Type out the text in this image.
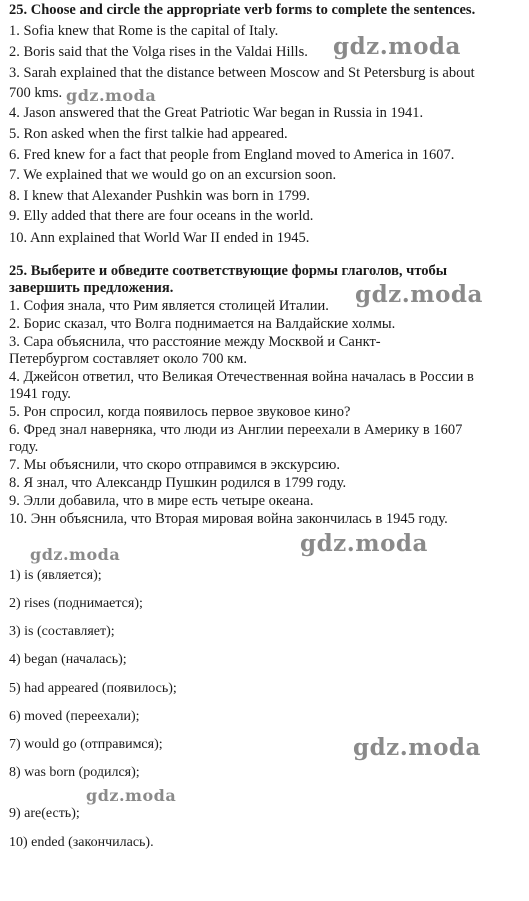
25. Choose and circle the appropriate verb forms to complete the sentences.
1. Sofia knew that Rome is the capital of Italy.
2. Boris said that the Volga rises in the Valdai Hills.
3. Sarah explained that the distance between Moscow and St Petersburg is about
700 kms.
4. Jason answered that the Great Patriotic War began in Russia in 1941.
5. Ron asked when the first talkie had appeared.
6. Fred knew for a fact that people from England moved to America in 1607.
7. We explained that we would go on an excursion soon.
8. I knew that Alexander Pushkin was born in 1799.
9. Elly added that there are four oceans in the world.
10. Ann explained that World War II ended in 1945.
25. Выберите и обведите соответствующие формы глаголов, чтобы
завершить предложения.
1. София знала, что Рим является столицей Италии.
2. Борис сказал, что Волга поднимается на Валдайские холмы.
3. Сара объяснила, что расстояние между Москвой и Санкт-
Петербургом составляет около 700 км.
4. Джейсон ответил, что Великая Отечественная война началась в России в
1941 году.
5. Рон спросил, когда появилось первое звуковое кино?
6. Фред знал наверняка, что люди из Англии переехали в Америку в 1607
году.
7. Мы объяснили, что скоро отправимся в экскурсию.
8. Я знал, что Александр Пушкин родился в 1799 году.
9. Элли добавила, что в мире есть четыре океана.
10. Энн объяснила, что Вторая мировая война закончилась в 1945 году.
1) is (является);
2) rises (поднимается);
3) is (составляет);
4) began (началась);
5) had appeared (появилось);
6) moved (переехали);
7) would go (отправимся);
8) was born (родился);
9) are(есть);
10) ended (закончилась).
gdz.moda
gdz.moda
gdz.moda
gdz.moda	gdz.moda
gdz.moda
gdz.moda
